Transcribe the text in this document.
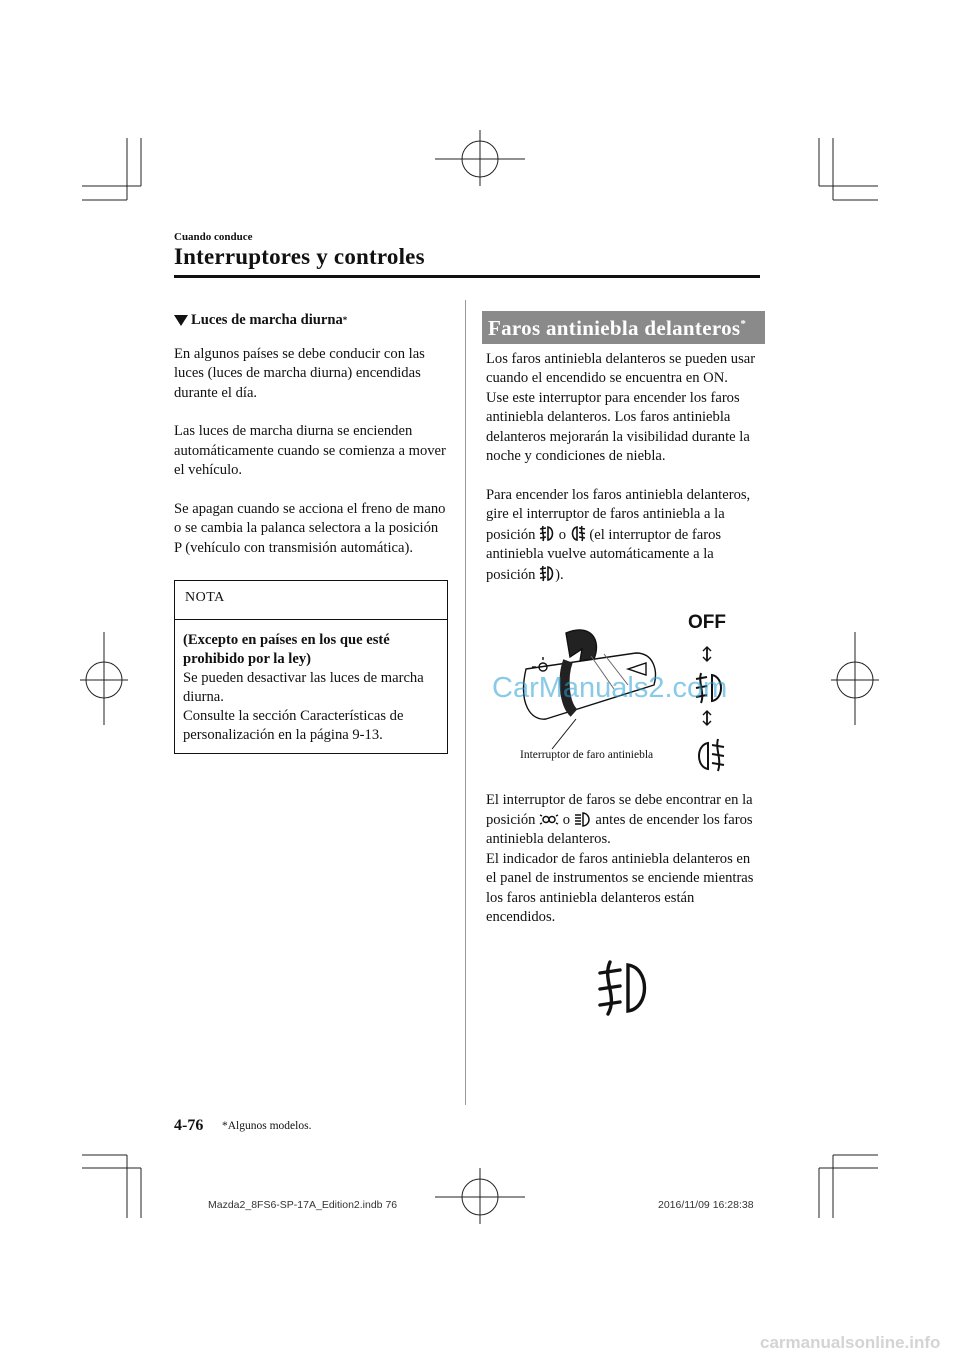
Cuando conduce
Interruptores y controles
Luces de marcha diurna *

En algunos países se debe conducir con las luces (luces de marcha diurna) encendidas durante el día.

Las luces de marcha diurna se encienden automáticamente cuando se comienza a mover el vehículo.

Se apagan cuando se acciona el freno de mano o se cambia la palanca selectora a la posición P (vehículo con transmisión automática).

NOTA
(Excepto en países en los que esté prohibido por la ley)
Se pueden desactivar las luces de marcha diurna.
Consulte la sección Características de personalización en la página 9-13.
Faros antiniebla delanteros*

Los faros antiniebla delanteros se pueden usar cuando el encendido se encuentra en ON.

Use este interruptor para encender los faros antiniebla delanteros. Los faros antiniebla delanteros mejorarán la visibilidad durante la noche y condiciones de niebla.

Para encender los faros antiniebla delanteros, gire el interruptor de faros antiniebla a la posición o (el interruptor de faros antiniebla vuelve automáticamente a la posición ).

OFF
CarManuals2.com
Interruptor de faro antiniebla

El interruptor de faros se debe encontrar en la posición o antes de encender los faros antiniebla delanteros.

El indicador de faros antiniebla delanteros en el panel de instrumentos se enciende mientras los faros antiniebla delanteros están encendidos.

4-76 *Algunos modelos.
Mazda2_8FS6-SP-17A_Edition2.indb 76	2016/11/09 16:28:38
carmanualsonline.info
